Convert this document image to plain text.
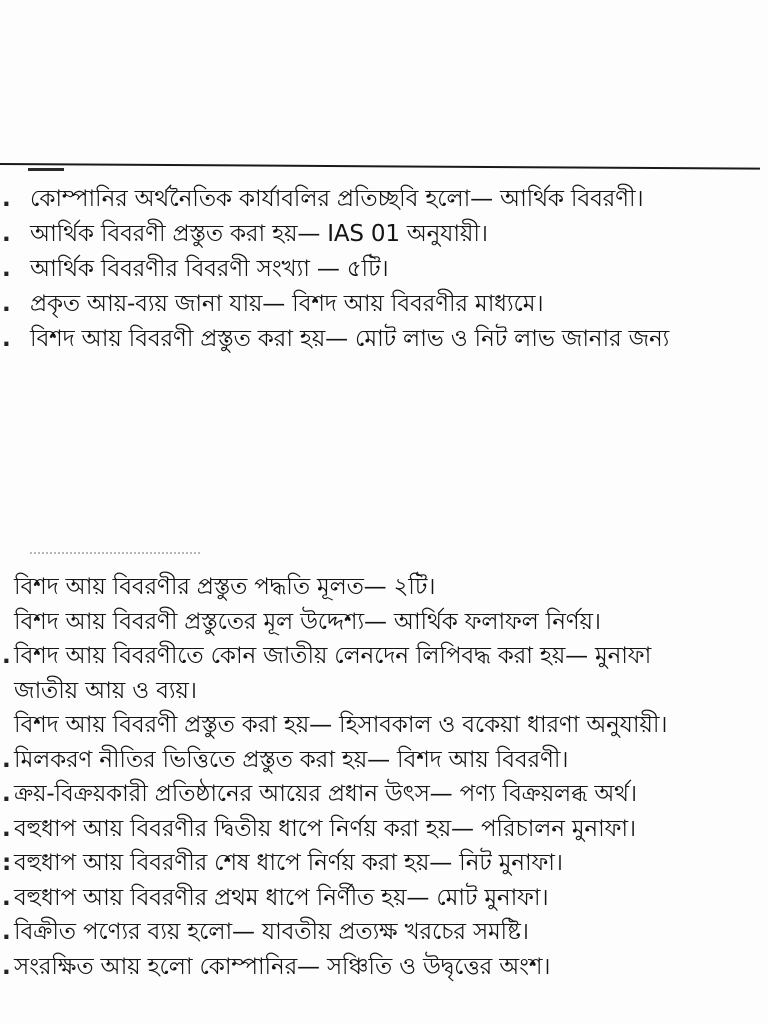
. কোম্পানির অর্থনৈতিক কার্যাবলির প্রতিচ্ছবি হলো— আর্থিক বিবরণী।
. আর্থিক বিবরণী প্রস্তুত করা হয়— IAS 01 অনুযায়ী।
. আর্থিক বিবরণীর বিবরণী সংখ্যা — ৫টি।
. প্রকৃত আয়-ব্যয় জানা যায়— বিশদ আয় বিবরণীর মাধ্যমে।
. বিশদ আয় বিবরণী প্রস্তুত করা হয়— মোট লাভ ও নিট লাভ জানার জন্য
বিশদ আয় বিবরণীর প্রস্তুত পদ্ধতি মূলত— ২টি।
বিশদ আয় বিবরণী প্রস্তুতের মূল উদ্দেশ্য— আর্থিক ফলাফল নির্ণয়।
. বিশদ আয় বিবরণীতে কোন জাতীয় লেনদেন লিপিবদ্ধ করা হয়— মুনাফা
জাতীয় আয় ও ব্যয়।
বিশদ আয় বিবরণী প্রস্তুত করা হয়— হিসাবকাল ও বকেয়া ধারণা অনুযায়ী।
. মিলকরণ নীতির ভিত্তিতে প্রস্তুত করা হয়— বিশদ আয় বিবরণী।
. ক্রয়-বিক্রয়কারী প্রতিষ্ঠানের আয়ের প্রধান উৎস— পণ্য বিক্রয়লব্ধ অর্থ।
. বহুধাপ আয় বিবরণীর দ্বিতীয় ধাপে নির্ণয় করা হয়— পরিচালন মুনাফা।
: বহুধাপ আয় বিবরণীর শেষ ধাপে নির্ণয় করা হয়— নিট মুনাফা।
. বহুধাপ আয় বিবরণীর প্রথম ধাপে নির্ণীত হয়— মোট মুনাফা।
. বিক্রীত পণ্যের ব্যয় হলো— যাবতীয় প্রত্যক্ষ খরচের সমষ্টি।
. সংরক্ষিত আয় হলো কোম্পানির— সঞ্চিতি ও উদ্বৃত্তের অংশ।
